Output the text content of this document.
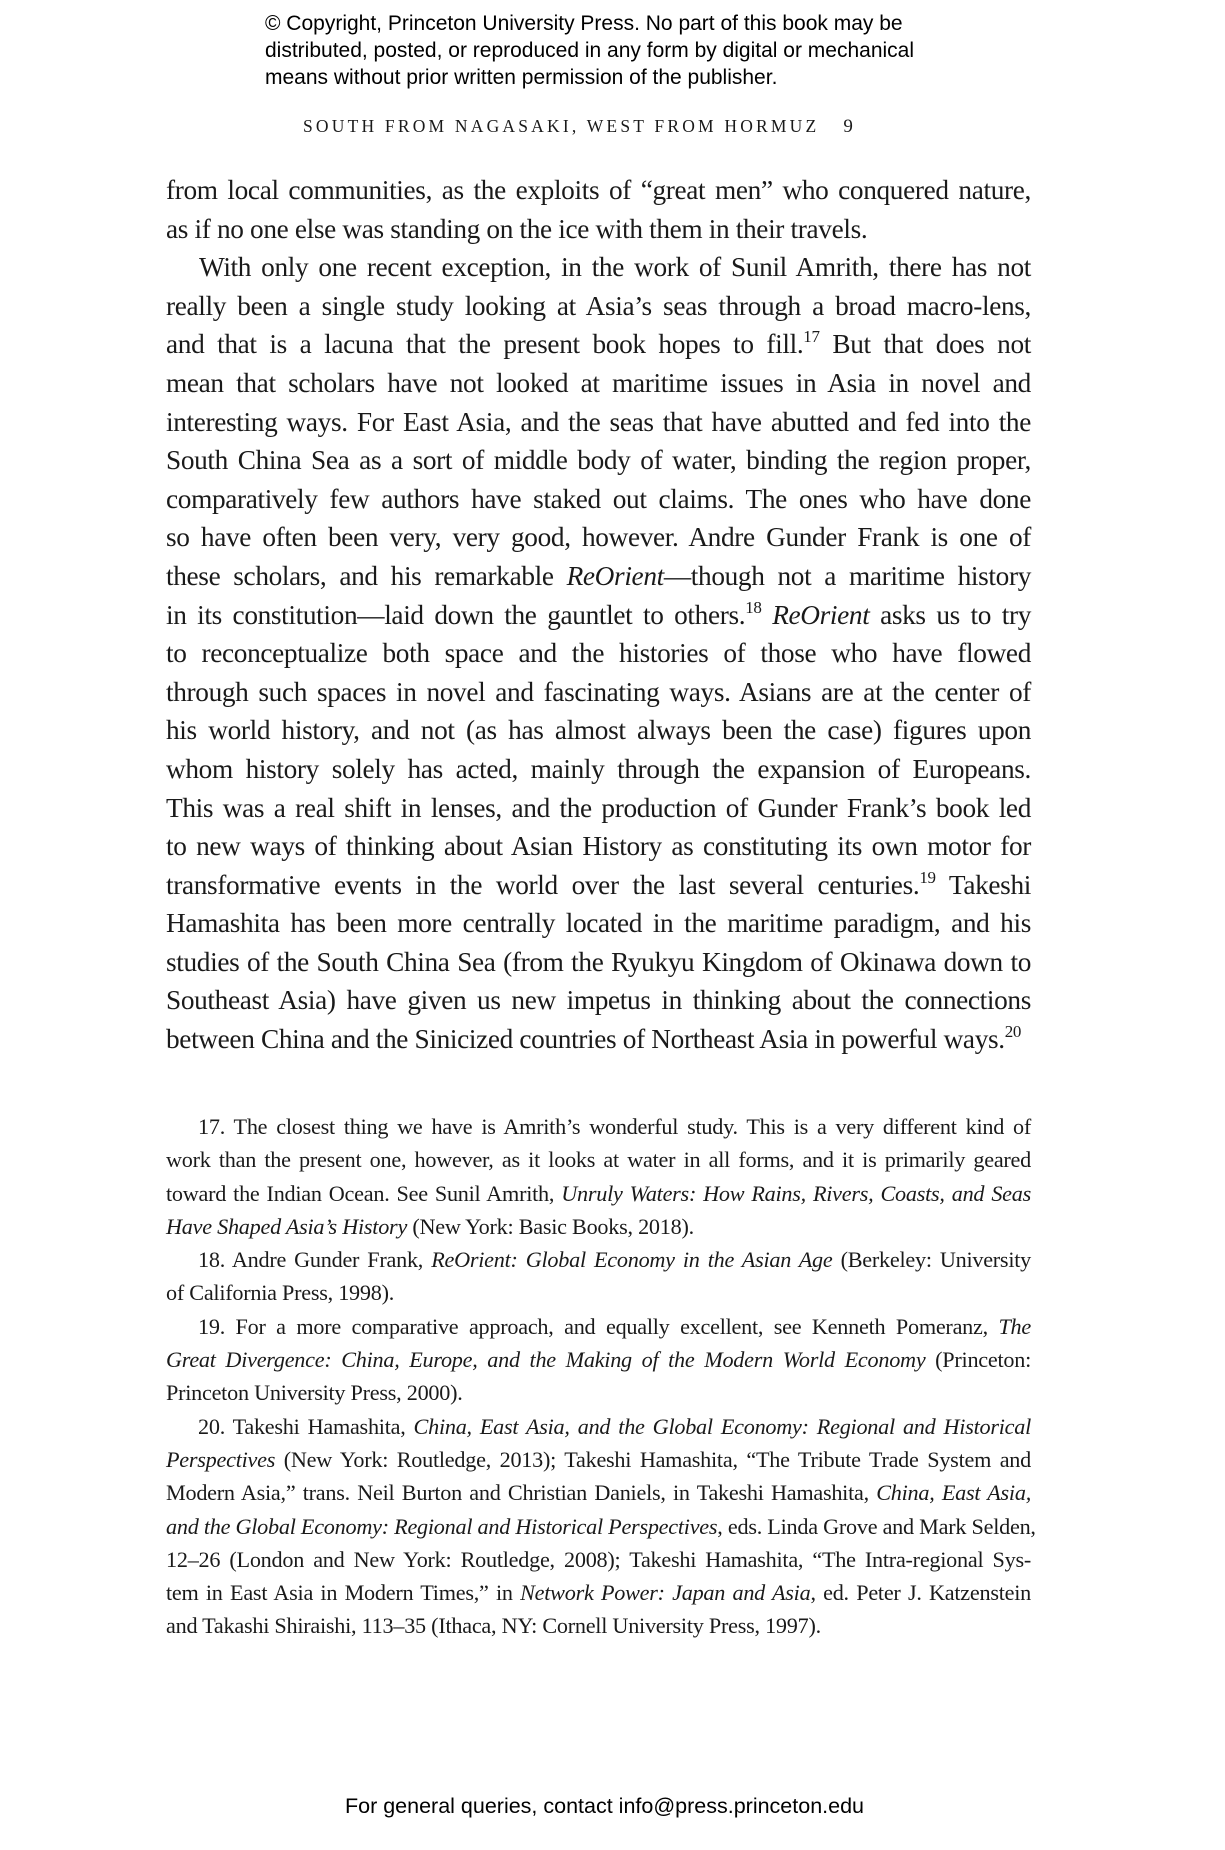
© Copyright, Princeton University Press. No part of this book may be
distributed, posted, or reproduced in any form by digital or mechanical
means without prior written permission of the publisher.
SOUTH FROM NAGASAKI, WEST FROM HORMUZ 9
from local communities, as the exploits of “great men” who conquered nature,
as if no one else was standing on the ice with them in their travels.
With only one recent exception, in the work of Sunil Amrith, there has not
really been a single study looking at Asia’s seas through a broad macro-lens,
and that is a lacuna that the present book hopes to fill.$^{17}$ But that does not
mean that scholars have not looked at maritime issues in Asia in novel and
interesting ways. For East Asia, and the seas that have abutted and fed into the
South China Sea as a sort of middle body of water, binding the region proper,
comparatively few authors have staked out claims. The ones who have done
so have often been very, very good, however. Andre Gunder Frank is one of
these scholars, and his remarkable ReOrient—though not a maritime history
in its constitution—laid down the gauntlet to others.$^{18}$ ReOrient asks us to try
to reconceptualize both space and the histories of those who have flowed
through such spaces in novel and fascinating ways. Asians are at the center of
his world history, and not (as has almost always been the case) figures upon
whom history solely has acted, mainly through the expansion of Europeans.
This was a real shift in lenses, and the production of Gunder Frank’s book led
to new ways of thinking about Asian History as constituting its own motor for
transformative events in the world over the last several centuries.$^{19}$ Takeshi
Hamashita has been more centrally located in the maritime paradigm, and his
studies of the South China Sea (from the Ryukyu Kingdom of Okinawa down to
Southeast Asia) have given us new impetus in thinking about the connections
between China and the Sinicized countries of Northeast Asia in powerful ways.$^{20}$
17. The closest thing we have is Amrith’s wonderful study. This is a very different kind of
work than the present one, however, as it looks at water in all forms, and it is primarily geared
toward the Indian Ocean. See Sunil Amrith, Unruly Waters: How Rains, Rivers, Coasts, and Seas
Have Shaped Asia’s History (New York: Basic Books, 2018).
18. Andre Gunder Frank, ReOrient: Global Economy in the Asian Age (Berkeley: University
of California Press, 1998).
19. For a more comparative approach, and equally excellent, see Kenneth Pomeranz, The
Great Divergence: China, Europe, and the Making of the Modern World Economy (Princeton:
Princeton University Press, 2000).
20. Takeshi Hamashita, China, East Asia, and the Global Economy: Regional and Historical
Perspectives (New York: Routledge, 2013); Takeshi Hamashita, “The Tribute Trade System and
Modern Asia,” trans. Neil Burton and Christian Daniels, in Takeshi Hamashita, China, East Asia,
and the Global Economy: Regional and Historical Perspectives, eds. Linda Grove and Mark Selden,
12–26 (London and New York: Routledge, 2008); Takeshi Hamashita, “The Intra-regional Sys-
tem in East Asia in Modern Times,” in Network Power: Japan and Asia, ed. Peter J. Katzenstein
and Takashi Shiraishi, 113–35 (Ithaca, NY: Cornell University Press, 1997).
For general queries, contact info@press.princeton.edu
